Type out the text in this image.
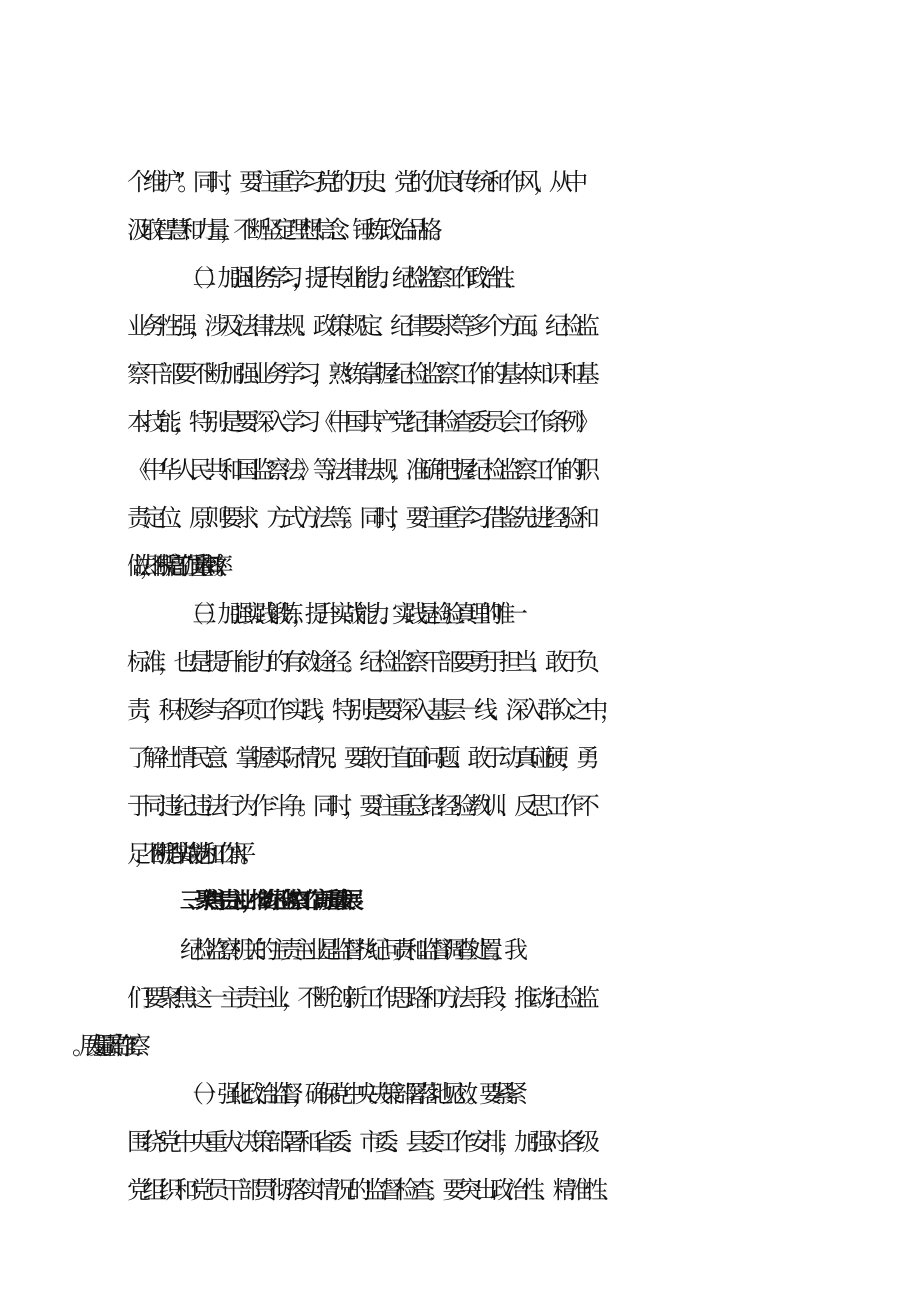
个维护”。同时，要注重学习党的历史、党的优良传统和作风，从中
汲取智慧和力量，不断坚定理想信念、锤炼政治品格。
（二）加强业务学习，提升专业能力。纪检监察工作政治性、
业务性强，涉及法律法规、政策规定、纪律要求等多个方面。纪检监
察干部要不断加强业务学习，熟练掌握纪检监察工作的基本知识和基
本技能，特别是要深入学习《中国共产党纪律检查委员会工作条例》
《中华人民共和国监察法》等法律法规，准确把握纪检监察工作的职
责定位、原则要求、方式方法等。同时，要注重学习借鉴先进经验和
做法，不断提高工作质量和效率。
（三）加强实践锻炼，提升实战能力。实践是检验真理的唯一
标准，也是提升能力的有效途径。纪检监察干部要勇于担当、敢于负
责，积极参与各项工作实践，特别是要深入基层一线、深入群众之中，
了解社情民意、掌握实际情况。要敢于直面问题、敢于动真碰硬，勇
于同违纪违法行为作斗争。同时，要注重总结经验教训、反思工作不
足，不断提升实战能力和工作水平。
三、聚焦主责主业，推动纪检监察工作高质量发展
纪检监察机关的主责主业是监督执纪问责和监督调查处置。我
们要聚焦这一主责主业，不断创新工作思路和方法手段，推动纪检监
（一）强化政治监督，确保党中央决策部署落地见效。要紧紧
围绕党中央重大决策部署和省委、市委、县委工作安排，加强对各级
党组织和党员干部贯彻落实情况的监督检查。要突出政治性、精准性、
